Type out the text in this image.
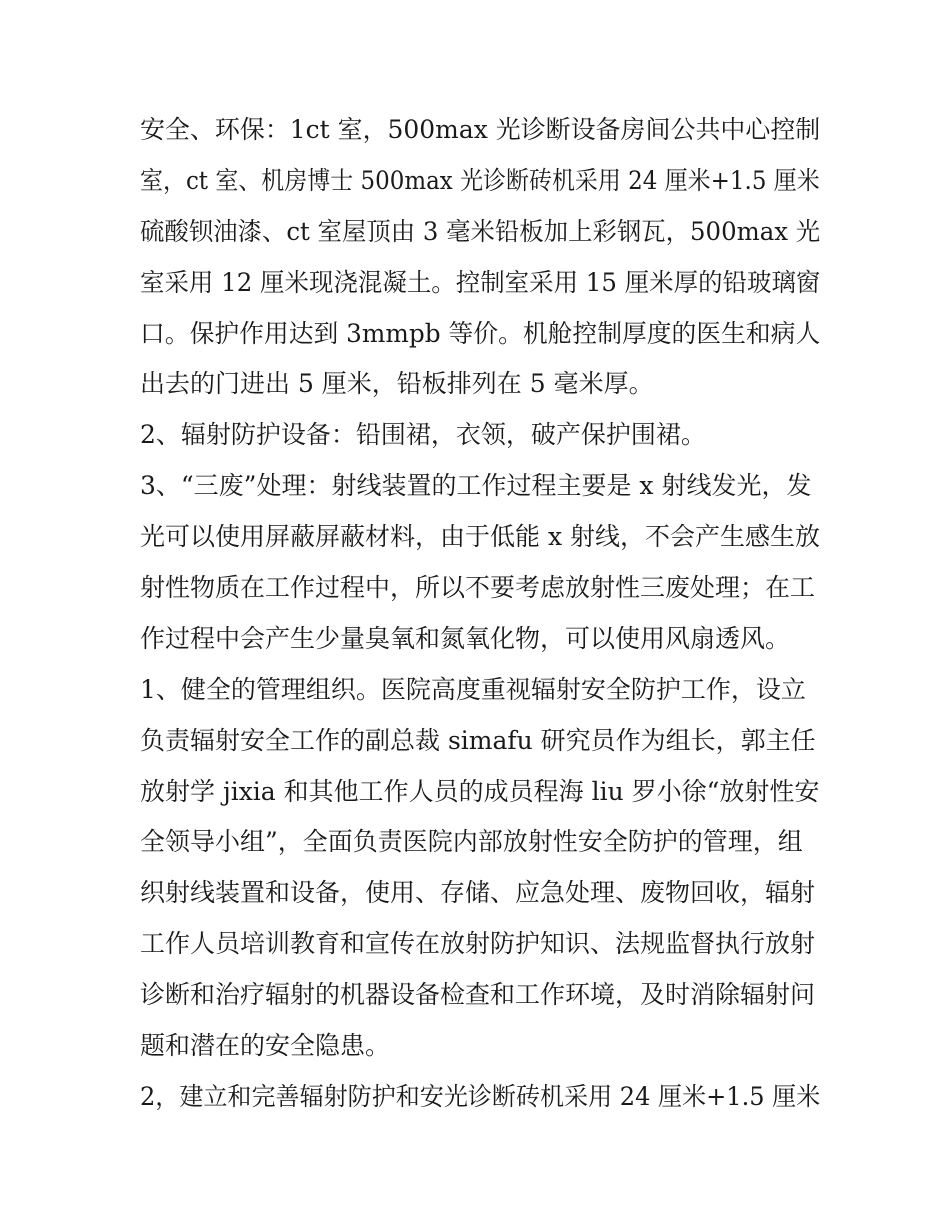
安全、环保：1ct 室，500max 光诊断设备房间公共中心控制
室，ct 室、机房博士 500max 光诊断砖机采用 24 厘米+1.5 厘米
硫酸钡油漆、ct 室屋顶由 3 毫米铅板加上彩钢瓦，500max 光
室采用 12 厘米现浇混凝土。控制室采用 15 厘米厚的铅玻璃窗
口。保护作用达到 3mmpb 等价。机舱控制厚度的医生和病人
出去的门进出 5 厘米，铅板排列在 5 毫米厚。
2、辐射防护设备：铅围裙，衣领，破产保护围裙。
3、“三废”处理：射线装置的工作过程主要是 x 射线发光，发
光可以使用屏蔽屏蔽材料，由于低能 x 射线，不会产生感生放
射性物质在工作过程中，所以不要考虑放射性三废处理；在工
作过程中会产生少量臭氧和氮氧化物，可以使用风扇透风。
1、健全的管理组织。医院高度重视辐射安全防护工作，设立
负责辐射安全工作的副总裁 simafu 研究员作为组长，郭主任
放射学 jixia 和其他工作人员的成员程海 liu 罗小徐“放射性安
全领导小组”，全面负责医院内部放射性安全防护的管理，组
织射线装置和设备，使用、存储、应急处理、废物回收，辐射
工作人员培训教育和宣传在放射防护知识、法规监督执行放射
诊断和治疗辐射的机器设备检查和工作环境，及时消除辐射问
题和潜在的安全隐患。
2，建立和完善辐射防护和安光诊断砖机采用 24 厘米+1.5 厘米
